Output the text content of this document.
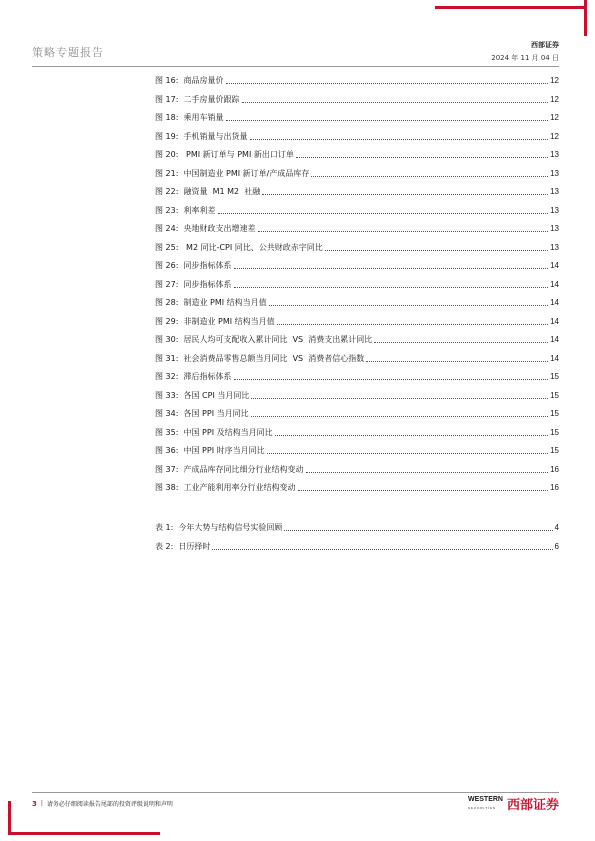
策略专题报告
西部证券
2024 年 11 月 04 日
图 16:  商品房量价	12
图 17:  二手房量价跟踪	12
图 18:  乘用车销量	12
图 19:  手机销量与出货量	12
图 20:   PMI 新订单与 PMI 新出口订单	13
图 21:  中国制造业 PMI 新订单/产成品库存	13
图 22:  融资量  M1 M2  社融	13
图 23:  利率利差	13
图 24:  央地财政支出增速差	13
图 25:   M2 同比-CPI 同比、公共财政赤字同比	13
图 26:  同步指标体系	14
图 27:  同步指标体系	14
图 28:  制造业 PMI 结构当月值	14
图 29:  非制造业 PMI 结构当月值	14
图 30:  居民人均可支配收入累计同比  VS  消费支出累计同比	14
图 31:  社会消费品零售总额当月同比  VS  消费者信心指数	14
图 32:  滞后指标体系	15
图 33:  各国 CPI 当月同比	15
图 34:  各国 PPI 当月同比	15
图 35:  中国 PPI 及结构当月同比	15
图 36:  中国 PPI 时序当月同比	15
图 37:  产成品库存同比细分行业结构变动	16
图 38:  工业产能利用率分行业结构变动	16
表 1:  今年大势与结构信号实验回顾	4
表 2:  日历择时	6
3 | 请务必仔细阅读报告尾部的投资评级说明和声明
WESTERN
SECURITIES 西部证券
